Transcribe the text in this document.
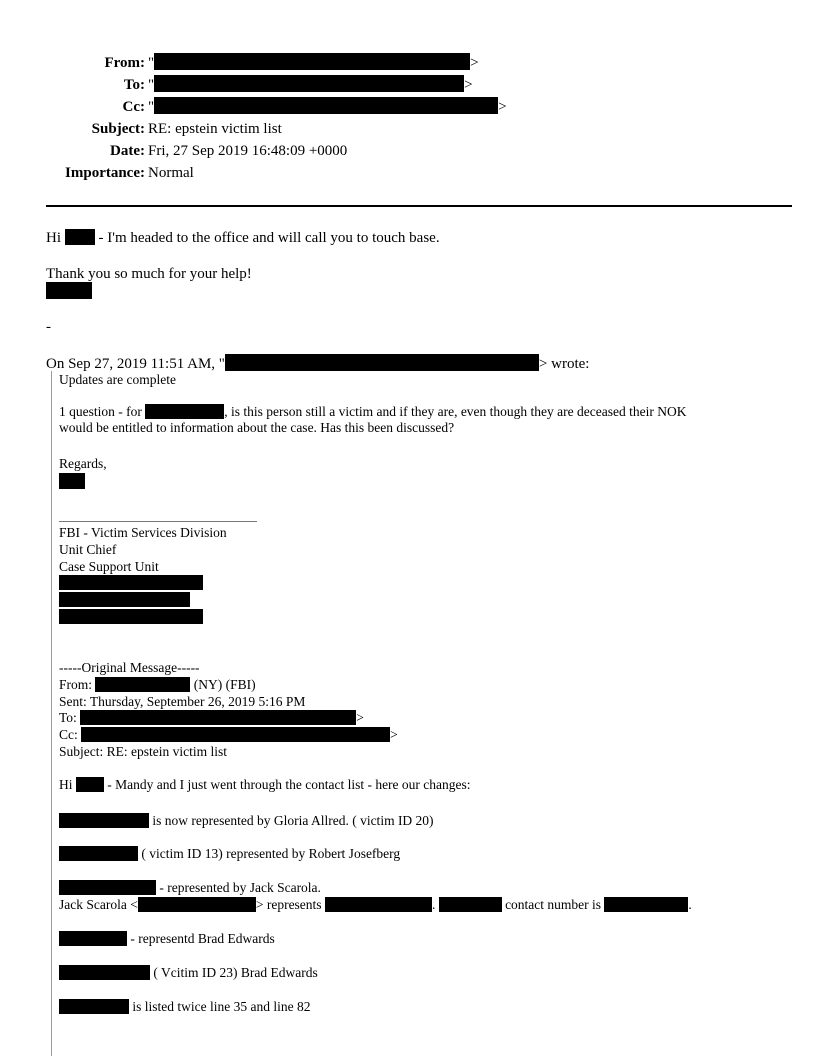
From: "	>
To: "	>
Cc: "	>
Subject: RE: epstein victim list
Date: Fri, 27 Sep 2019 16:48:09 +0000
Importance: Normal
Hi	- I'm headed to the office and will call you to touch base.
Thank you so much for your help!
-
On Sep 27, 2019 11:51 AM, "	> wrote:
Updates are complete
1 question - for	, is this person still a victim and if they are, even though they are deceased their NOK
would be entitled to information about the case. Has this been discussed?
Regards,
FBI - Victim Services Division
Unit Chief
Case Support Unit
-----Original Message-----
From:	(NY) (FBI)
Sent: Thursday, September 26, 2019 5:16 PM
To:	>
Cc:	>
Subject: RE: epstein victim list
Hi	- Mandy and I just went through the contact list - here our changes:
is now represented by Gloria Allred. ( victim ID 20)
( victim ID 13) represented by Robert Josefberg
- represented by Jack Scarola.
Jack Scarola <	> represents	.	contact number is	.
- representd Brad Edwards
( Vcitim ID 23) Brad Edwards
is listed twice line 35 and line 82
